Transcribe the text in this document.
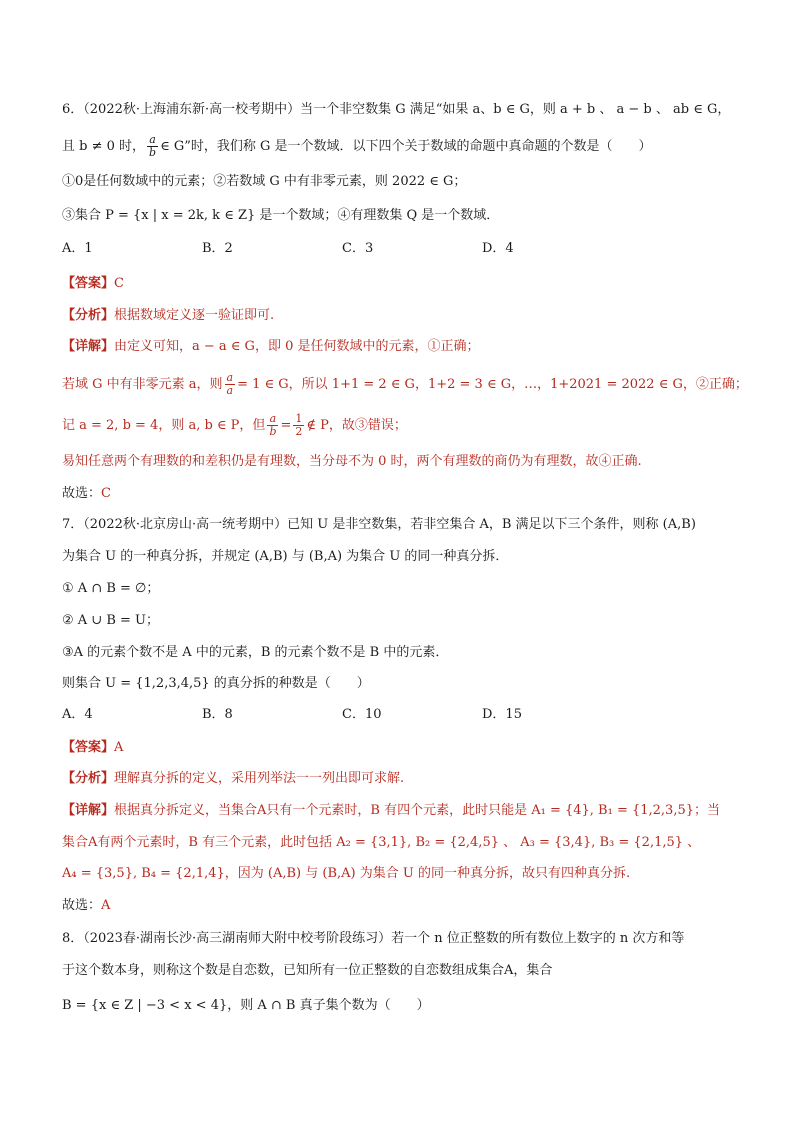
6．（2022秋·上海浦东新·高一校考期中）当一个非空数集 G 满足“如果 a、b ∈ G，则 a + b 、 a − b 、 ab ∈ G，
且 b ≠ 0 时， $\frac{a}{b}$ ∈ G”时，我们称 G 是一个数域．以下四个关于数域的命题中真命题的个数是（　　）
①0是任何数域中的元素；②若数域 G 中有非零元素，则 2022 ∈ G；
③集合 P = {x | x = 2k, k ∈ Z} 是一个数域；④有理数集 Q 是一个数域．
A．1	B．2	C．3	D．4
【答案】C
【分析】根据数域定义逐一验证即可.
【详解】由定义可知，a − a ∈ G，即 0 是任何数域中的元素，①正确；
若域 G 中有非零元素 a，则 $\frac{a}{a} = 1$ ∈ G，所以 1+1 = 2 ∈ G，1+2 = 3 ∈ G，…，1+2021 = 2022 ∈ G，②正确；
记 a = 2, b = 4，则 a, b ∈ P，但 $\frac{a}{b} = \frac{1}{2}$ ∉ P，故③错误；
易知任意两个有理数的和差积仍是有理数，当分母不为 0 时，两个有理数的商仍为有理数，故④正确.
故选：C
7．（2022秋·北京房山·高一统考期中）已知 U 是非空数集，若非空集合 A，B 满足以下三个条件，则称 (A,B)
为集合 U 的一种真分拆，并规定 (A,B) 与 (B,A) 为集合 U 的同一种真分拆．
① A ∩ B = ∅；
② A ∪ B = U；
③A 的元素个数不是 A 中的元素，B 的元素个数不是 B 中的元素．
则集合 U = {1,2,3,4,5} 的真分拆的种数是（　　）
A．4	B．8	C．10	D．15
【答案】A
【分析】理解真分拆的定义，采用列举法一一列出即可求解.
【详解】根据真分拆定义，当集合A只有一个元素时，B 有四个元素，此时只能是 A₁ = {4}, B₁ = {1,2,3,5}；当
集合A有两个元素时，B 有三个元素，此时包括 A₂ = {3,1}, B₂ = {2,4,5} 、 A₃ = {3,4}, B₃ = {2,1,5} 、
A₄ = {3,5}, B₄ = {2,1,4}，因为 (A,B) 与 (B,A) 为集合 U 的同一种真分拆，故只有四种真分拆.
故选：A
8．（2023春·湖南长沙·高三湖南师大附中校考阶段练习）若一个 n 位正整数的所有数位上数字的 n 次方和等
于这个数本身，则称这个数是自恋数，已知所有一位正整数的自恋数组成集合A，集合
B = {x ∈ Z | −3 < x < 4}，则 A ∩ B 真子集个数为（　　）
